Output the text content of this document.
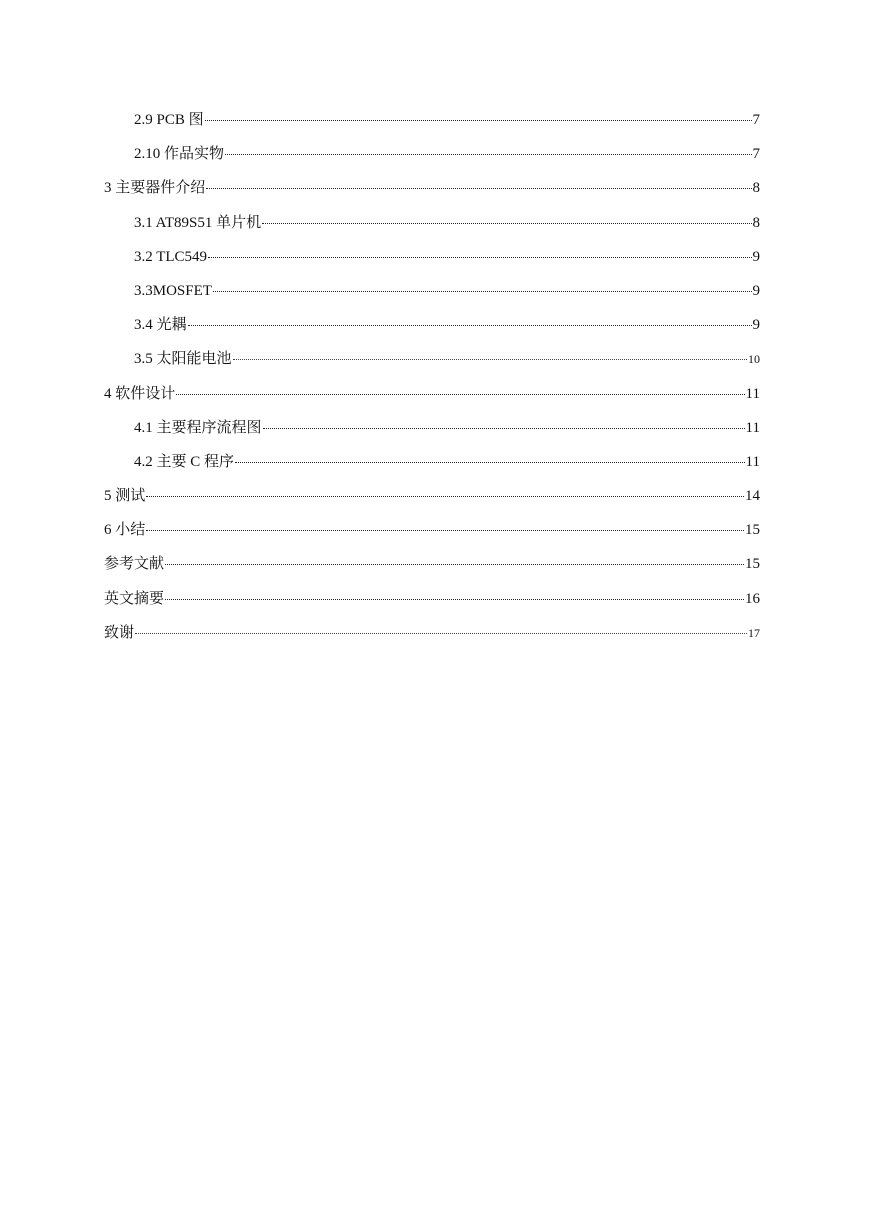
2.9 PCB 图	7
2.10 作品实物	7
3 主要器件介绍	8
3.1 AT89S51 单片机	8
3.2 TLC549	9
3.3MOSFET	9
3.4 光耦	9
3.5 太阳能电池	10
4 软件设计	11
4.1 主要程序流程图	11
4.2 主要 C 程序	11
5 测试	14
6 小结	15
参考文献	15
英文摘要	16
致谢	17
